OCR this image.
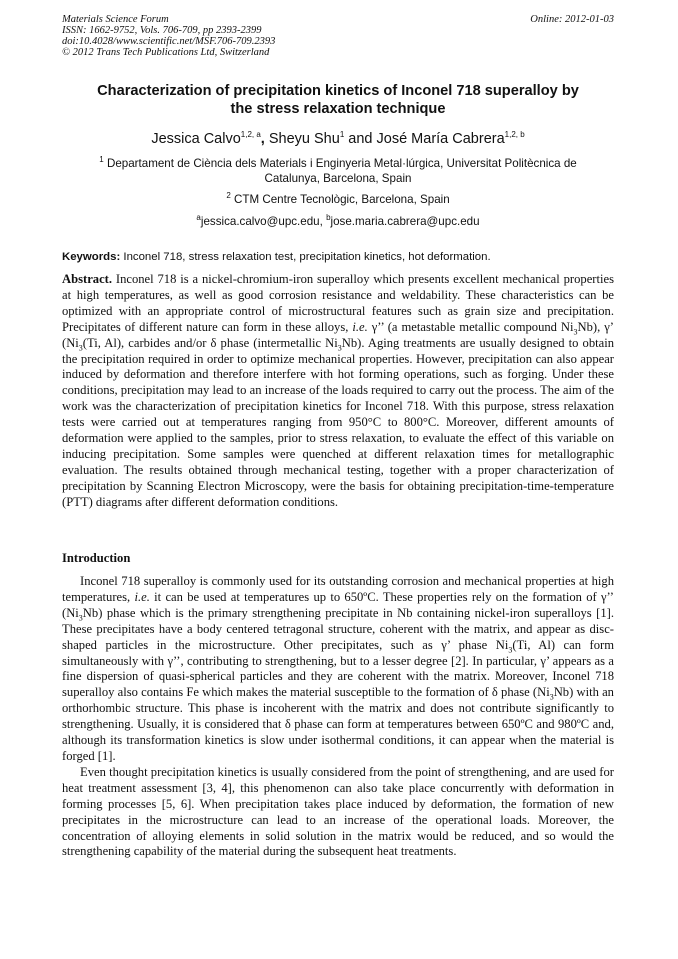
Materials Science Forum
ISSN: 1662-9752, Vols. 706-709, pp 2393-2399
doi:10.4028/www.scientific.net/MSF.706-709.2393
© 2012 Trans Tech Publications Ltd, Switzerland
Online: 2012-01-03
Characterization of precipitation kinetics of Inconel 718 superalloy by
the stress relaxation technique
Jessica Calvo$^{1,2, a}$, Sheyu Shu$^1$ and José María Cabrera$^{1,2, b}$
$^1$ Departament de Ciència dels Materials i Enginyeria Metal·lúrgica, Universitat Politècnica de
Catalunya, Barcelona, Spain
$^2$ CTM Centre Tecnològic, Barcelona, Spain
$^a$jessica.calvo@upc.edu, $^b$jose.maria.cabrera@upc.edu
Keywords: Inconel 718, stress relaxation test, precipitation kinetics, hot deformation.

Abstract. Inconel 718 is a nickel-chromium-iron superalloy which presents excellent mechanical properties at high temperatures, as well as good corrosion resistance and weldability. These characteristics can be optimized with an appropriate control of microstructural features such as grain size and precipitation. Precipitates of different nature can form in these alloys, i.e. γ’’ (a metastable metallic compound $Ni_3Nb$), γ’ ($Ni_3(Ti$, Al), carbides and/or δ phase (intermetallic $Ni_3Nb$). Aging treatments are usually designed to obtain the precipitation required in order to optimize mechanical properties. However, precipitation can also appear induced by deformation and therefore interfere with hot forming operations, such as forging. Under these conditions, precipitation may lead to an increase of the loads required to carry out the process. The aim of the work was the characterization of precipitation kinetics for Inconel 718. With this purpose, stress relaxation tests were carried out at temperatures ranging from 950°C to 800°C. Moreover, different amounts of deformation were applied to the samples, prior to stress relaxation, to evaluate the effect of this variable on inducing precipitation. Some samples were quenched at different relaxation times for metallographic evaluation. The results obtained through mechanical testing, together with a proper characterization of precipitation by Scanning Electron Microscopy, were the basis for obtaining precipitation-time-temperature (PTT) diagrams after different deformation conditions.

Introduction

Inconel 718 superalloy is commonly used for its outstanding corrosion and mechanical properties at high temperatures, i.e. it can be used at temperatures up to 650ºC. These properties rely on the formation of γ’’ $(Ni_3Nb)$ phase which is the primary strengthening precipitate in Nb containing nickel-iron superalloys [1]. These precipitates have a body centered tetragonal structure, coherent with the matrix, and appear as disc-shaped particles in the microstructure. Other precipitates, such as γ’ phase $Ni_3(Ti$, Al) can form simultaneously with γ’’, contributing to strengthening, but to a lesser degree [2]. In particular, γ’ appears as a fine dispersion of quasi-spherical particles and they are coherent with the matrix. Moreover, Inconel 718 superalloy also contains Fe which makes the material susceptible to the formation of δ phase $(Ni_3Nb)$ with an orthorhombic structure. This phase is incoherent with the matrix and does not contribute significantly to strengthening. Usually, it is considered that δ phase can form at temperatures between 650ºC and 980ºC and, although its transformation kinetics is slow under isothermal conditions, it can appear when the material is forged [1].

Even thought precipitation kinetics is usually considered from the point of strengthening, and are used for heat treatment assessment [3, 4], this phenomenon can also take place concurrently with deformation in forming processes [5, 6]. When precipitation takes place induced by deformation, the formation of new precipitates in the microstructure can lead to an increase of the operational loads. Moreover, the concentration of alloying elements in solid solution in the matrix would be reduced, and so would the strengthening capability of the material during the subsequent heat treatments.
